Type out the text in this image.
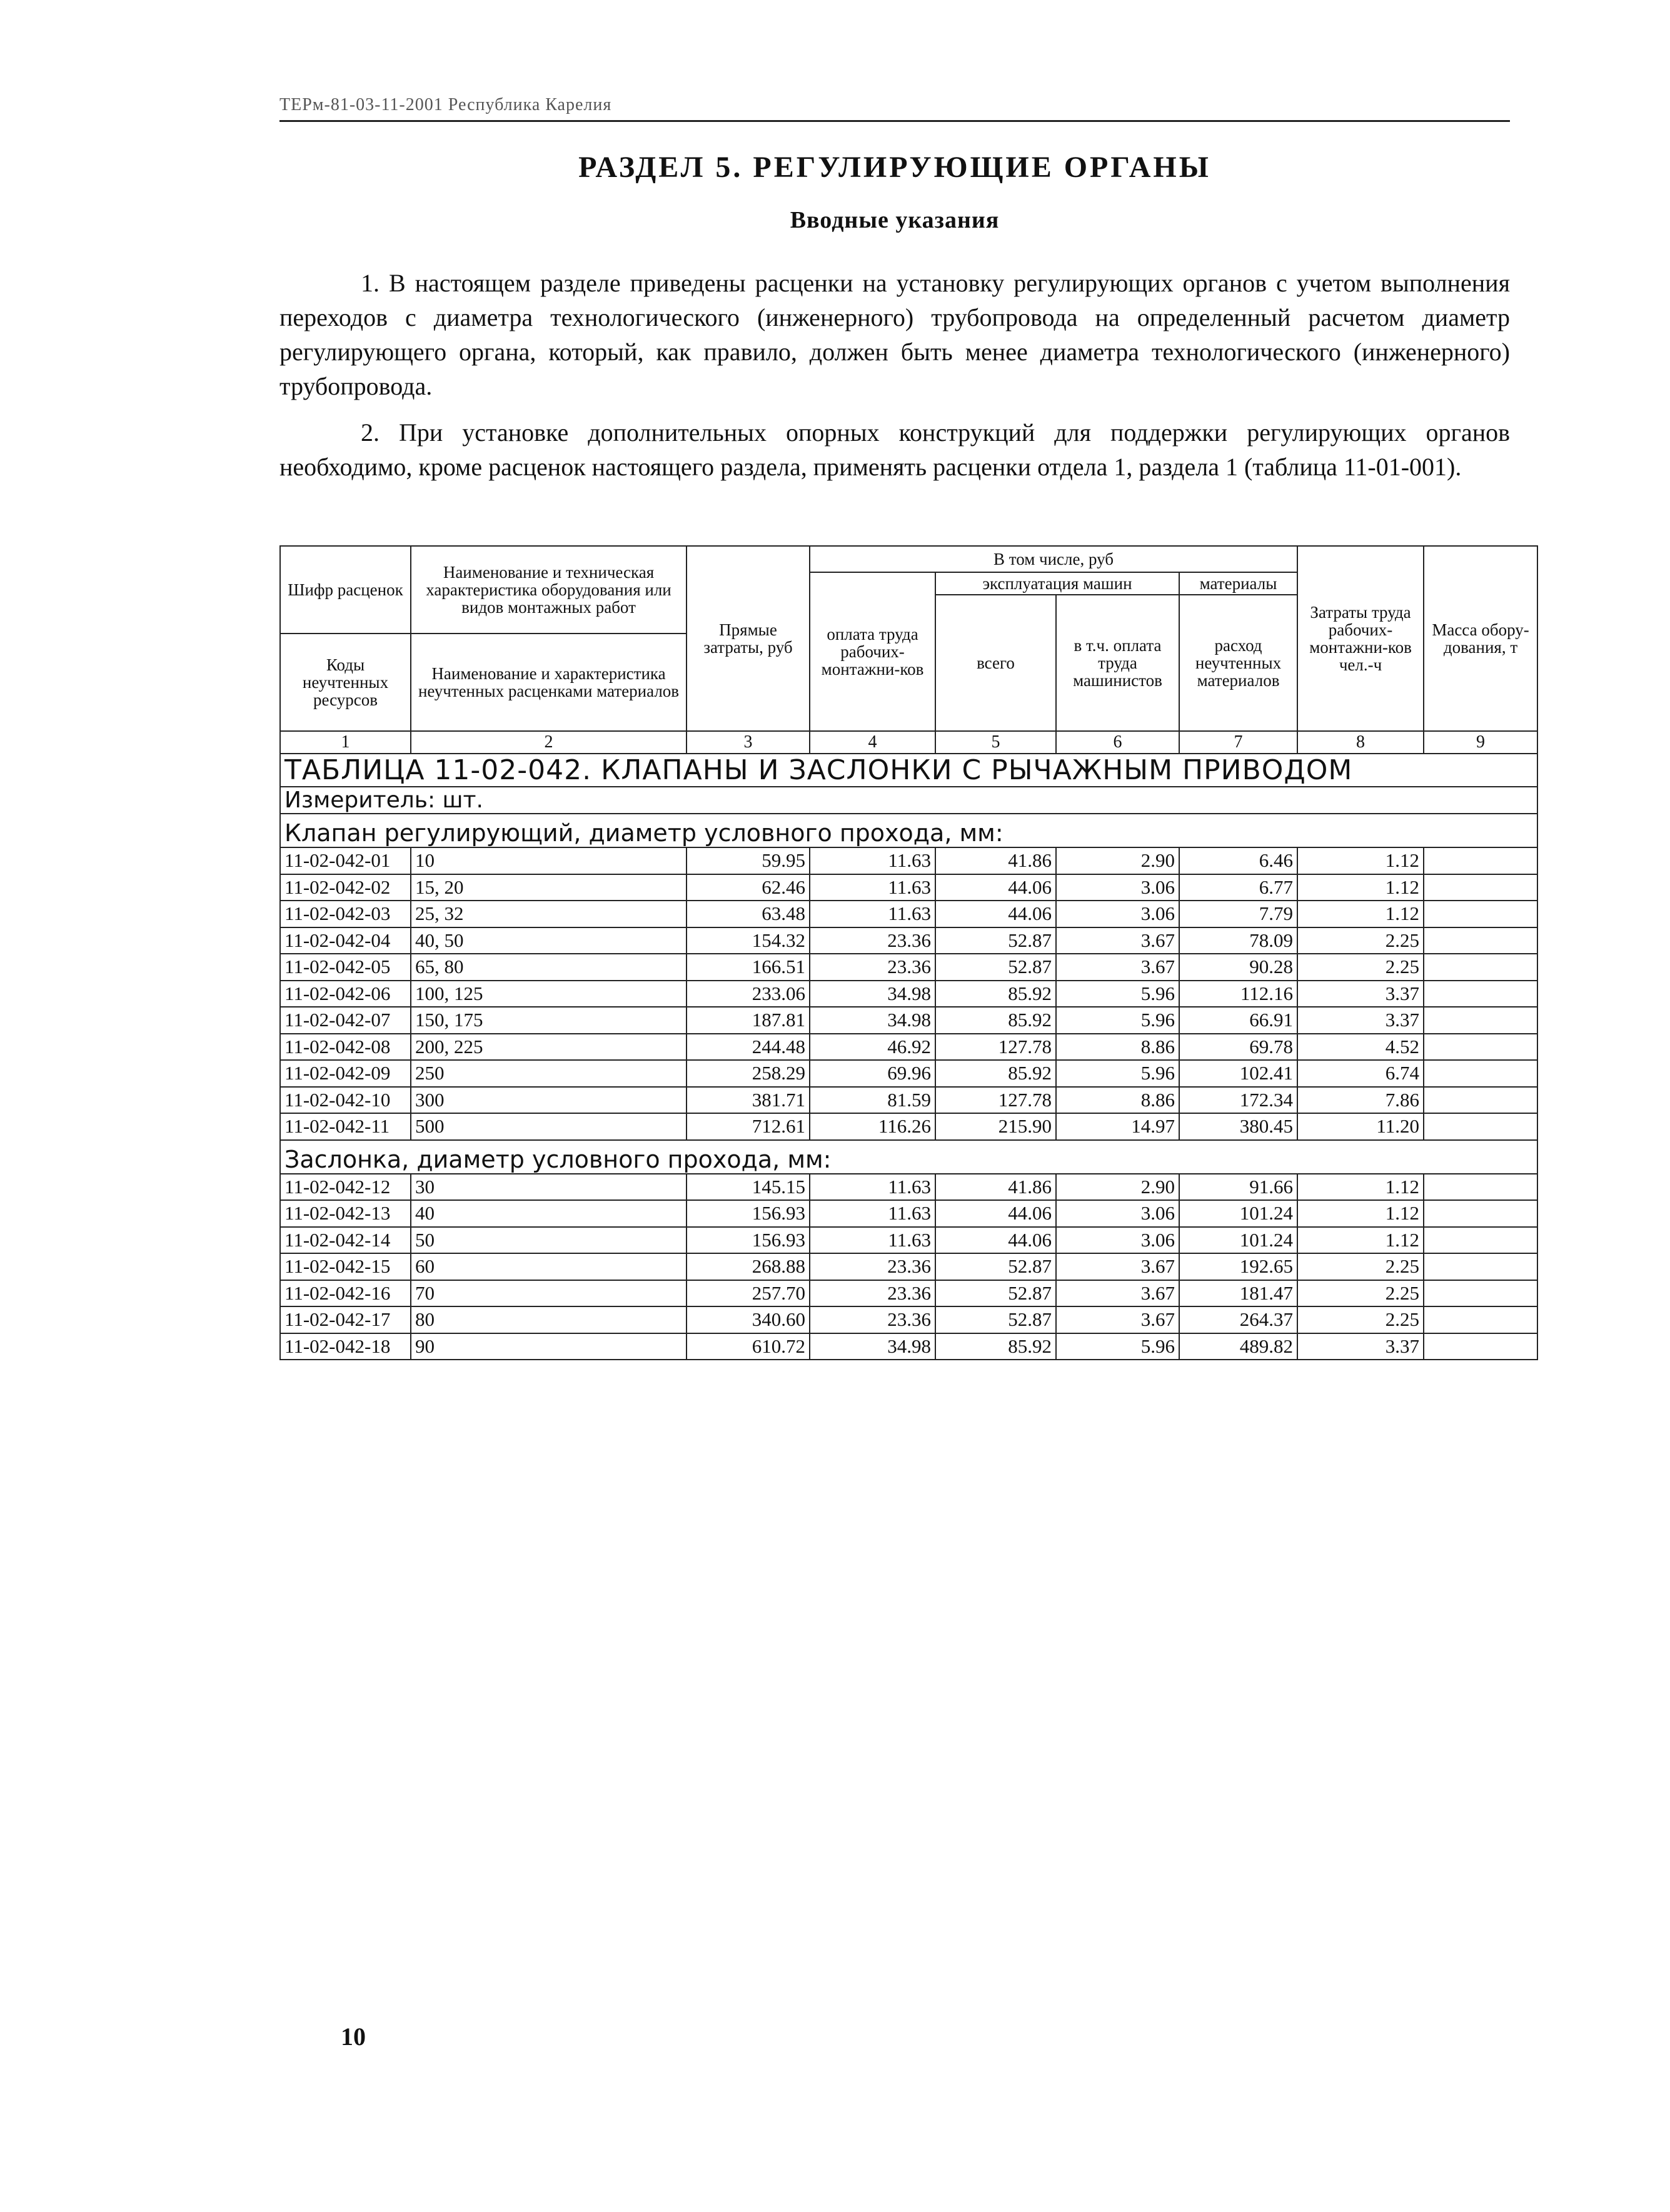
ТЕРм-81-03-11-2001 Республика Карелия
РАЗДЕЛ 5. РЕГУЛИРУЮЩИЕ ОРГАНЫ
Вводные указания

1. В настоящем разделе приведены расценки на установку регулирующих органов с учетом выполнения переходов с диаметра технологического (инженерного) трубопровода на определенный расчетом диаметр регулирующего органа, который, как правило, должен быть менее диаметра технологического (инженерного) трубопровода.

2. При установке дополнительных опорных конструкций для поддержки регулирующих органов необходимо, кроме расценок настоящего раздела, применять расценки отдела 1, раздела 1 (таблица 11-01-001).

Шифр расценок	Наименование и техническая характеристика оборудования или видов монтажных работ	Прямые затраты, руб	В том числе, руб				Затраты труда рабочих-монтажни-ков чел.-ч	Масса обору-дования, т
			оплата труда рабочих-монтажни-ков	эксплуатация машин		материалы		
				всего	в т.ч. оплата труда машинистов	расход неучтенных материалов		
Коды неучтенных ресурсов	Наименование и характеристика неучтенных расценками материалов							

1	2	3	4	5	6	7	8	9
ТАБЛИЦА 11-02-042. КЛАПАНЫ И ЗАСЛОНКИ С РЫЧАЖНЫМ ПРИВОДОМ								
Измеритель: шт.								
Клапан регулирующий, диаметр условного прохода, мм:								
11-02-042-01	10	59.95	11.63	41.86	2.90	6.46	1.12	
11-02-042-02	15, 20	62.46	11.63	44.06	3.06	6.77	1.12	
11-02-042-03	25, 32	63.48	11.63	44.06	3.06	7.79	1.12	
11-02-042-04	40, 50	154.32	23.36	52.87	3.67	78.09	2.25	
11-02-042-05	65, 80	166.51	23.36	52.87	3.67	90.28	2.25	
11-02-042-06	100, 125	233.06	34.98	85.92	5.96	112.16	3.37	
11-02-042-07	150, 175	187.81	34.98	85.92	5.96	66.91	3.37	
11-02-042-08	200, 225	244.48	46.92	127.78	8.86	69.78	4.52	
11-02-042-09	250	258.29	69.96	85.92	5.96	102.41	6.74	
11-02-042-10	300	381.71	81.59	127.78	8.86	172.34	7.86	
11-02-042-11	500	712.61	116.26	215.90	14.97	380.45	11.20	
Заслонка, диаметр условного прохода, мм:								
11-02-042-12	30	145.15	11.63	41.86	2.90	91.66	1.12	
11-02-042-13	40	156.93	11.63	44.06	3.06	101.24	1.12	
11-02-042-14	50	156.93	11.63	44.06	3.06	101.24	1.12	
11-02-042-15	60	268.88	23.36	52.87	3.67	192.65	2.25	
11-02-042-16	70	257.70	23.36	52.87	3.67	181.47	2.25	
11-02-042-17	80	340.60	23.36	52.87	3.67	264.37	2.25	
11-02-042-18	90	610.72	34.98	85.92	5.96	489.82	3.37	
10
